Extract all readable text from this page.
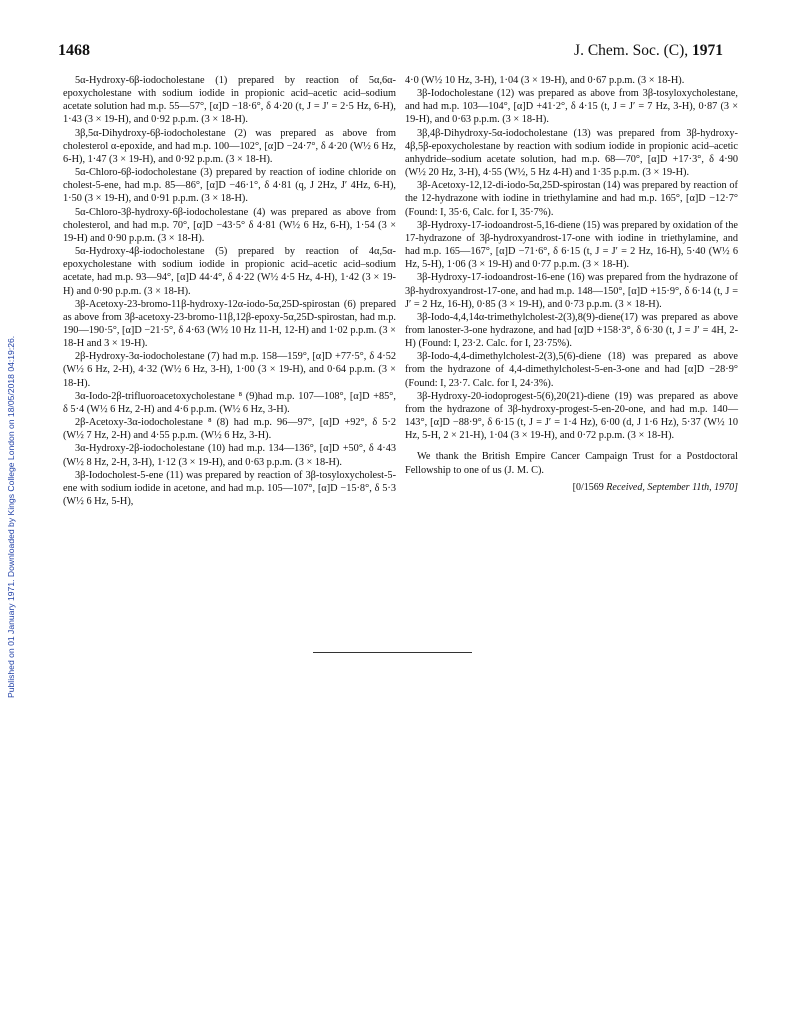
Published on 01 January 1971. Downloaded by Kings College London on 18/05/2018 04:19:26.
1468	J. Chem. Soc. (C), 1971

5α-Hydroxy-6β-iodocholestane (1) prepared by reaction of 5α,6α-epoxycholestane with sodium iodide in propionic acid–acetic acid–sodium acetate solution had m.p. 55—57°, [α]D −18·6°, δ 4·20 (t, J = J′ = 2·5 Hz, 6-H), 1·43 (3 × 19-H), and 0·92 p.p.m. (3 × 18-H).

3β,5α-Dihydroxy-6β-iodocholestane (2) was prepared as above from cholesterol α-epoxide, and had m.p. 100—102°, [α]D −24·7°, δ 4·20 (W½ 6 Hz, 6-H), 1·47 (3 × 19-H), and 0·92 p.p.m. (3 × 18-H).

5α-Chloro-6β-iodocholestane (3) prepared by reaction of iodine chloride on cholest-5-ene, had m.p. 85—86°, [α]D −46·1°, δ 4·81 (q, J 2Hz, J′ 4Hz, 6-H), 1·50 (3 × 19-H), and 0·91 p.p.m. (3 × 18-H).

5α-Chloro-3β-hydroxy-6β-iodocholestane (4) was prepared as above from cholesterol, and had m.p. 70°, [α]D −43·5° δ 4·81 (W½ 6 Hz, 6-H), 1·54 (3 × 19-H) and 0·90 p.p.m. (3 × 18-H).

5α-Hydroxy-4β-iodocholestane (5) prepared by reaction of 4α,5α-epoxycholestane with sodium iodide in propionic acid–acetic acid–sodium acetate, had m.p. 93—94°, [α]D 44·4°, δ 4·22 (W½ 4·5 Hz, 4-H), 1·42 (3 × 19-H) and 0·90 p.p.m. (3 × 18-H).

3β-Acetoxy-23-bromo-11β-hydroxy-12α-iodo-5α,25D-spirostan (6) prepared as above from 3β-acetoxy-23-bromo-11β,12β-epoxy-5α,25D-spirostan, had m.p. 190—190·5°, [α]D −21·5°, δ 4·63 (W½ 10 Hz 11-H, 12-H) and 1·02 p.p.m. (3 × 18-H and 3 × 19-H).

2β-Hydroxy-3α-iodocholestane (7) had m.p. 158—159°, [α]D +77·5°, δ 4·52 (W½ 6 Hz, 2-H), 4·32 (W½ 6 Hz, 3-H), 1·00 (3 × 19-H), and 0·64 p.p.m. (3 × 18-H).

3α-Iodo-2β-trifluoroacetoxycholestane ⁸ (9)had m.p. 107—108°, [α]D +85°, δ 5·4 (W½ 6 Hz, 2-H) and 4·6 p.p.m. (W½ 6 Hz, 3-H).

2β-Acetoxy-3α-iodocholestane ⁸ (8) had m.p. 96—97°, [α]D +92°, δ 5·2 (W½ 7 Hz, 2-H) and 4·55 p.p.m. (W½ 6 Hz, 3-H).

3α-Hydroxy-2β-iodocholestane (10) had m.p. 134—136°, [α]D +50°, δ 4·43 (W½ 8 Hz, 2-H, 3-H), 1·12 (3 × 19-H), and 0·63 p.p.m. (3 × 18-H).

3β-Iodocholest-5-ene (11) was prepared by reaction of 3β-tosyloxycholest-5-ene with sodium iodide in acetone, and had m.p. 105—107°, [α]D −15·8°, δ 5·3 (W½ 6 Hz, 5-H),

4·0 (W½ 10 Hz, 3-H), 1·04 (3 × 19-H), and 0·67 p.p.m. (3 × 18-H).

3β-Iodocholestane (12) was prepared as above from 3β-tosyloxycholestane, and had m.p. 103—104°, [α]D +41·2°, δ 4·15 (t, J = J′ = 7 Hz, 3-H), 0·87 (3 × 19-H), and 0·63 p.p.m. (3 × 18-H).

3β,4β-Dihydroxy-5α-iodocholestane (13) was prepared from 3β-hydroxy-4β,5β-epoxycholestane by reaction with sodium iodide in propionic acid–acetic anhydride–sodium acetate solution, had m.p. 68—70°, [α]D +17·3°, δ 4·90 (W½ 20 Hz, 3-H), 4·55 (W½, 5 Hz 4-H) and 1·35 p.p.m. (3 × 19-H).

3β-Acetoxy-12,12-di-iodo-5α,25D-spirostan (14) was prepared by reaction of the 12-hydrazone with iodine in triethylamine and had m.p. 165°, [α]D −12·7° (Found: I, 35·6, Calc. for I, 35·7%).

3β-Hydroxy-17-iodoandrost-5,16-diene (15) was prepared by oxidation of the 17-hydrazone of 3β-hydroxyandrost-17-one with iodine in triethylamine, and had m.p. 165—167°, [α]D −71·6°, δ 6·15 (t, J = J′ = 2 Hz, 16-H), 5·40 (W½ 6 Hz, 5-H), 1·06 (3 × 19-H) and 0·77 p.p.m. (3 × 18-H).

3β-Hydroxy-17-iodoandrost-16-ene (16) was prepared from the hydrazone of 3β-hydroxyandrost-17-one, and had m.p. 148—150°, [α]D +15·9°, δ 6·14 (t, J = J′ = 2 Hz, 16-H), 0·85 (3 × 19-H), and 0·73 p.p.m. (3 × 18-H).

3β-Iodo-4,4,14α-trimethylcholest-2(3),8(9)-diene(17) was prepared as above from lanoster-3-one hydrazone, and had [α]D +158·3°, δ 6·30 (t, J = J′ = 4H, 2-H) (Found: I, 23·2. Calc. for I, 23·75%).

3β-Iodo-4,4-dimethylcholest-2(3),5(6)-diene (18) was prepared as above from the hydrazone of 4,4-dimethylcholest-5-en-3-one and had [α]D −28·9° (Found: I, 23·7. Calc. for I, 24·3%).

3β-Hydroxy-20-iodoprogest-5(6),20(21)-diene (19) was prepared as above from the hydrazone of 3β-hydroxy-progest-5-en-20-one, and had m.p. 140—143°, [α]D −88·9°, δ 6·15 (t, J = J′ = 1·4 Hz), 6·00 (d, J 1·6 Hz), 5·37 (W½ 10 Hz, 5-H, 2 × 21-H), 1·04 (3 × 19-H), and 0·72 p.p.m. (3 × 18-H).

We thank the British Empire Cancer Campaign Trust for a Postdoctoral Fellowship to one of us (J. M. C).

[0/1569 Received, September 11th, 1970]
